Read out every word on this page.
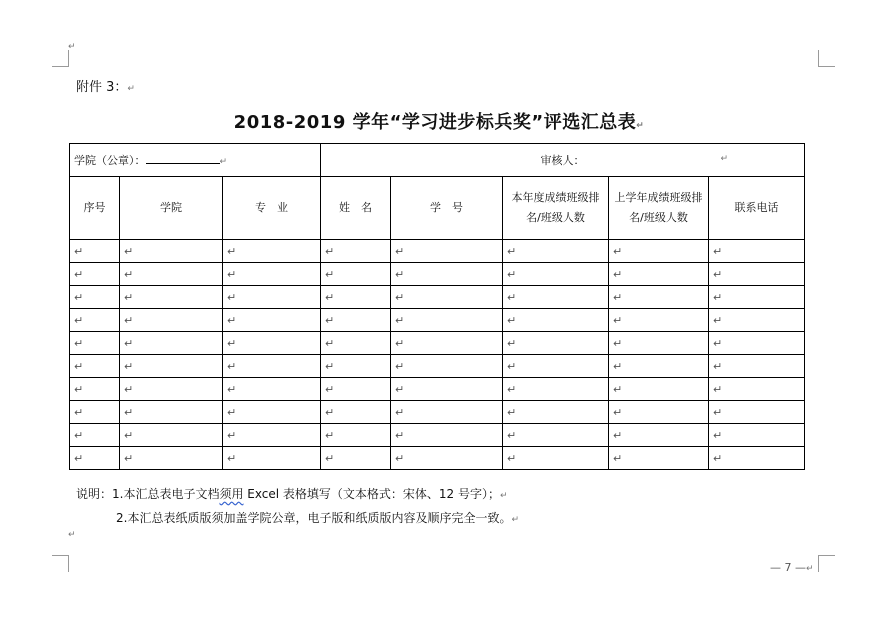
↵
↵
附件 3：↵
2018-2019 学年“学习进步标兵奖”评选汇总表↵
学院（公章）： ↵			审核人： ↵				

序号	学院	专　业	姓　名	学　号	本年度成绩班级排名/班级人数	上学年成绩班级排名/班级人数	联系电话
↵	↵	↵	↵	↵	↵	↵	↵
↵	↵	↵	↵	↵	↵	↵	↵
↵	↵	↵	↵	↵	↵	↵	↵
↵	↵	↵	↵	↵	↵	↵	↵
↵	↵	↵	↵	↵	↵	↵	↵
↵	↵	↵	↵	↵	↵	↵	↵
↵	↵	↵	↵	↵	↵	↵	↵
↵	↵	↵	↵	↵	↵	↵	↵
↵	↵	↵	↵	↵	↵	↵	↵
↵	↵	↵	↵	↵	↵	↵	↵
说明：1.本汇总表电子文档须用 Excel 表格填写（文本格式：宋体、12 号字）；↵
2.本汇总表纸质版须加盖学院公章，电子版和纸质版内容及顺序完全一致。↵
— 7 —↵
